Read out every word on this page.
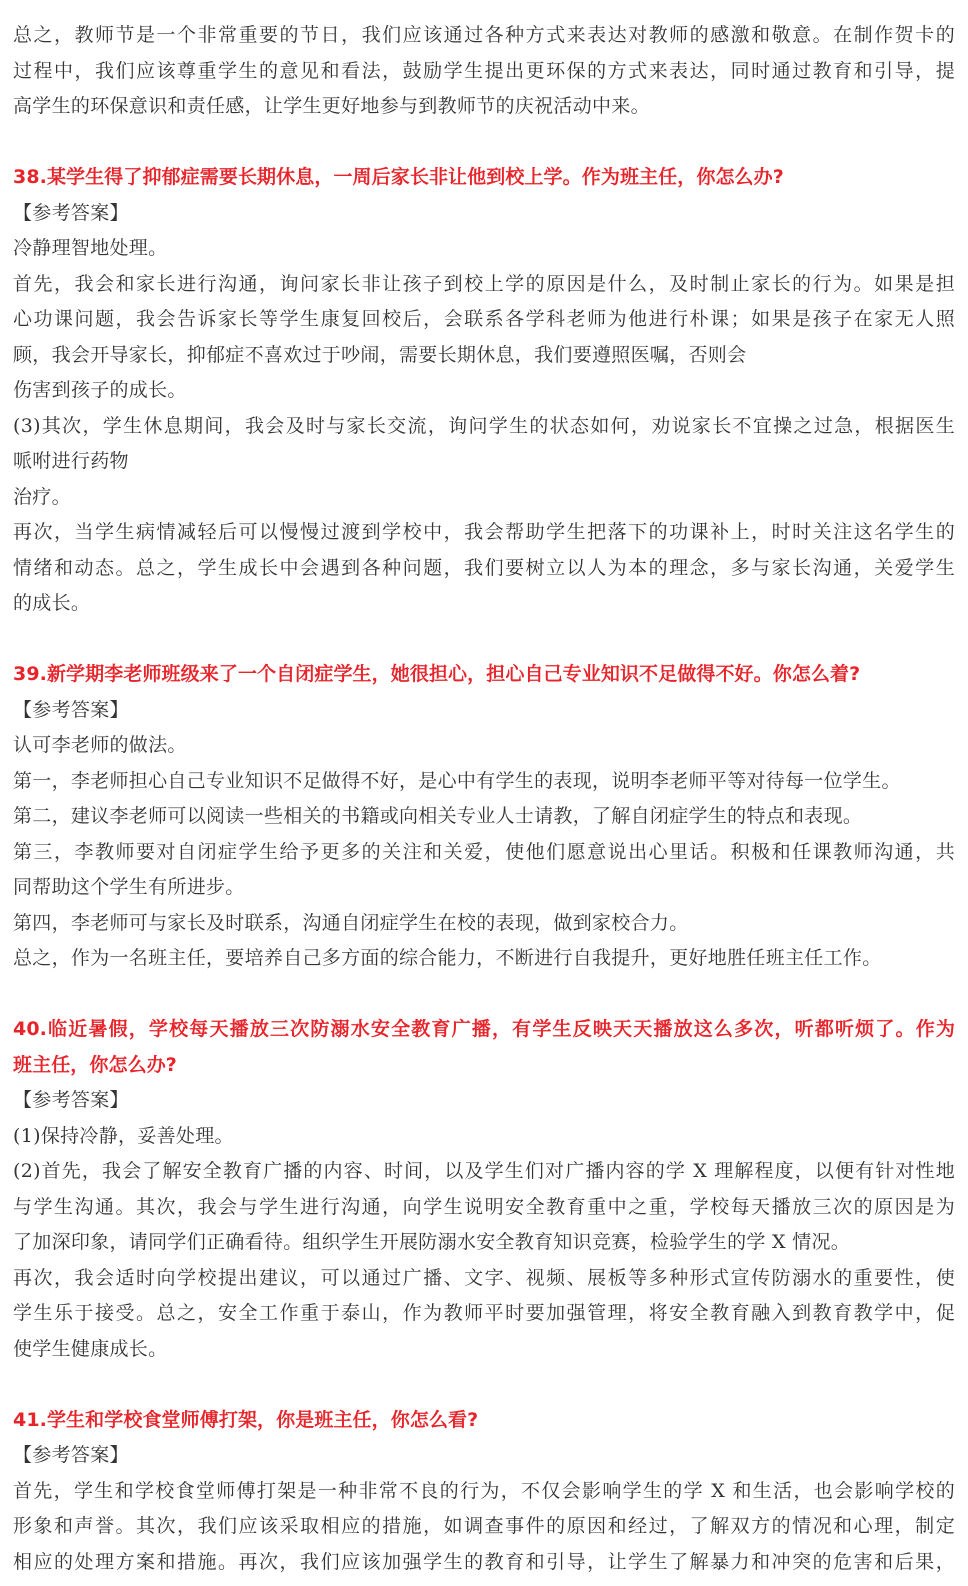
总之，教师节是一个非常重要的节日，我们应该通过各种方式来表达对教师的感激和敬意。在制作贺卡的
过程中，我们应该尊重学生的意见和看法，鼓励学生提出更环保的方式来表达，同时通过教育和引导，提
高学生的环保意识和责任感，让学生更好地参与到教师节的庆祝活动中来。
38.某学生得了抑郁症需要长期休息，一周后家长非让他到校上学。作为班主任，你怎么办?
【参考答案】
冷静理智地处理。
首先，我会和家长进行沟通，询问家长非让孩子到校上学的原因是什么，及时制止家长的行为。如果是担
心功课问题，我会告诉家长等学生康复回校后，会联系各学科老师为他进行朴课；如果是孩子在家无人照
顾，我会开导家长，抑郁症不喜欢过于吵闹，需要长期休息，我们要遵照医嘱，否则会
伤害到孩子的成长。
(3)其次，学生休息期间，我会及时与家长交流，询问学生的状态如何，劝说家长不宜操之过急，根据医生
哌咐进行药物
治疗。
再次，当学生病情减轻后可以慢慢过渡到学校中，我会帮助学生把落下的功课补上，时时关注这名学生的
情绪和动态。总之，学生成长中会遇到各种问题，我们要树立以人为本的理念，多与家长沟通，关爱学生
的成长。
39.新学期李老师班级来了一个自闭症学生，她很担心，担心自己专业知识不足做得不好。你怎么着?
【参考答案】
认可李老师的做法。
第一，李老师担心自己专业知识不足做得不好，是心中有学生的表现，说明李老师平等对待每一位学生。
第二，建议李老师可以阅读一些相关的书籍或向相关专业人士请教，了解自闭症学生的特点和表现。
第三，李教师要对自闭症学生给予更多的关注和关爱，使他们愿意说出心里话。积极和任课教师沟通，共
同帮助这个学生有所进步。
第四，李老师可与家长及时联系，沟通自闭症学生在校的表现，做到家校合力。
总之，作为一名班主任，要培养自己多方面的综合能力，不断进行自我提升，更好地胜任班主任工作。
40.临近暑假，学校每天播放三次防溺水安全教育广播，有学生反映天天播放这么多次，听都听烦了。作为
班主任，你怎么办?
【参考答案】
(1)保持冷静，妥善处理。
(2)首先，我会了解安全教育广播的内容、时间，以及学生们对广播内容的学 X 理解程度，以便有针对性地
与学生沟通。其次，我会与学生进行沟通，向学生说明安全教育重中之重，学校每天播放三次的原因是为
了加深印象，请同学们正确看待。组织学生开展防溺水安全教育知识竞赛，检验学生的学 X 情况。
再次，我会适时向学校提出建议，可以通过广播、文字、视频、展板等多种形式宣传防溺水的重要性，使
学生乐于接受。总之，安全工作重于泰山，作为教师平时要加强管理，将安全教育融入到教育教学中，促
使学生健康成长。
41.学生和学校食堂师傅打架，你是班主任，你怎么看?
【参考答案】
首先，学生和学校食堂师傅打架是一种非常不良的行为，不仅会影响学生的学 X 和生活，也会影响学校的
形象和声誉。其次，我们应该采取相应的措施，如调查事件的原因和经过，了解双方的情况和心理，制定
相应的处理方案和措施。再次，我们应该加强学生的教育和引导，让学生了解暴力和冲突的危害和后果，
